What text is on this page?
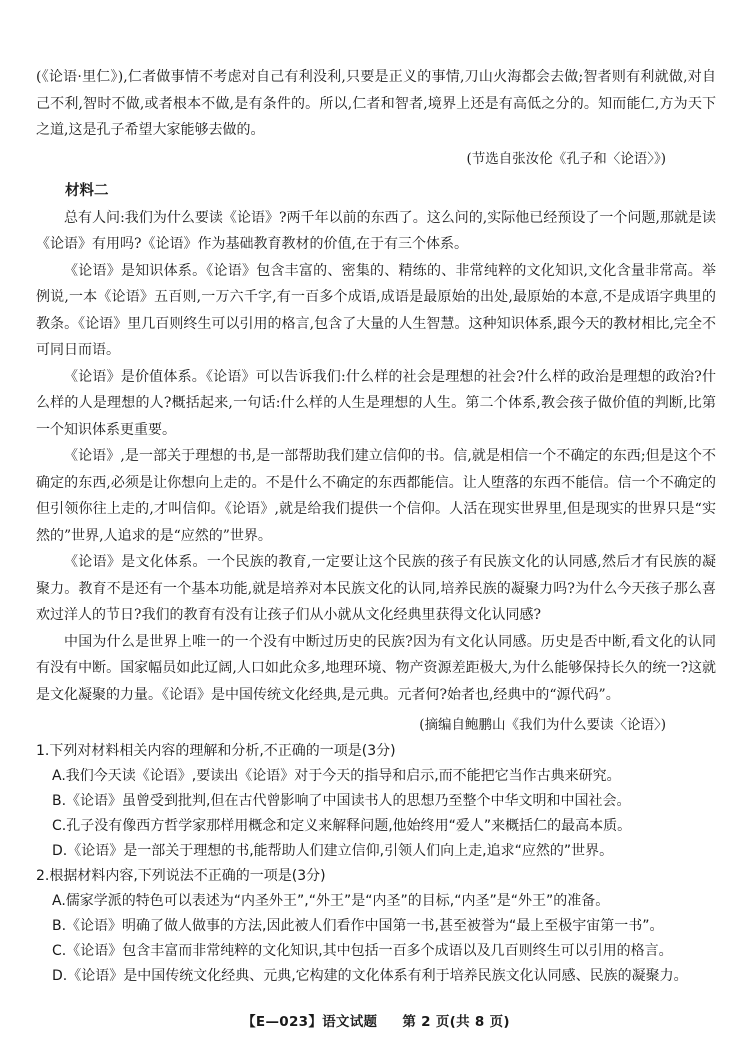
(《论语·里仁》),仁者做事情不考虑对自己有利没利,只要是正义的事情,刀山火海都会去做;智者则有利就做,对自己不利,智时不做,或者根本不做,是有条件的。所以,仁者和智者,境界上还是有高低之分的。知而能仁,方为天下之道,这是孔子希望大家能够去做的。

(节选自张汝伦《孔子和〈论语〉》)

材料二

总有人问:我们为什么要读《论语》?两千年以前的东西了。这么问的,实际他已经预设了一个问题,那就是读《论语》有用吗?《论语》作为基础教育教材的价值,在于有三个体系。

《论语》是知识体系。《论语》包含丰富的、密集的、精练的、非常纯粹的文化知识,文化含量非常高。举例说,一本《论语》五百则,一万六千字,有一百多个成语,成语是最原始的出处,最原始的本意,不是成语字典里的教条。《论语》里几百则终生可以引用的格言,包含了大量的人生智慧。这种知识体系,跟今天的教材相比,完全不可同日而语。

《论语》是价值体系。《论语》可以告诉我们:什么样的社会是理想的社会?什么样的政治是理想的政治?什么样的人是理想的人?概括起来,一句话:什么样的人生是理想的人生。第二个体系,教会孩子做价值的判断,比第一个知识体系更重要。

《论语》,是一部关于理想的书,是一部帮助我们建立信仰的书。信,就是相信一个不确定的东西;但是这个不确定的东西,必须是让你想向上走的。不是什么不确定的东西都能信。让人堕落的东西不能信。信一个不确定的但引领你往上走的,才叫信仰。《论语》,就是给我们提供一个信仰。人活在现实世界里,但是现实的世界只是“实然的”世界,人追求的是“应然的”世界。

《论语》是文化体系。一个民族的教育,一定要让这个民族的孩子有民族文化的认同感,然后才有民族的凝聚力。教育不是还有一个基本功能,就是培养对本民族文化的认同,培养民族的凝聚力吗?为什么今天孩子那么喜欢过洋人的节日?我们的教育有没有让孩子们从小就从文化经典里获得文化认同感?

中国为什么是世界上唯一的一个没有中断过历史的民族?因为有文化认同感。历史是否中断,看文化的认同有没有中断。国家幅员如此辽阔,人口如此众多,地理环境、物产资源差距极大,为什么能够保持长久的统一?这就是文化凝聚的力量。《论语》是中国传统文化经典,是元典。元者何?始者也,经典中的“源代码”。

(摘编自鲍鹏山《我们为什么要读〈论语〉)

1.下列对材料相关内容的理解和分析,不正确的一项是(3分)

A.我们今天读《论语》,要读出《论语》对于今天的指导和启示,而不能把它当作古典来研究。

B.《论语》虽曾受到批判,但在古代曾影响了中国读书人的思想乃至整个中华文明和中国社会。

C.孔子没有像西方哲学家那样用概念和定义来解释问题,他始终用“爱人”来概括仁的最高本质。

D.《论语》是一部关于理想的书,能帮助人们建立信仰,引领人们向上走,追求“应然的”世界。

2.根据材料内容,下列说法不正确的一项是(3分)

A.儒家学派的特色可以表述为“内圣外王”,“外王”是“内圣”的目标,“内圣”是“外王”的准备。

B.《论语》明确了做人做事的方法,因此被人们看作中国第一书,甚至被誉为“最上至极宇宙第一书”。

C.《论语》包含丰富而非常纯粹的文化知识,其中包括一百多个成语以及几百则终生可以引用的格言。

D.《论语》是中国传统文化经典、元典,它构建的文化体系有利于培养民族文化认同感、民族的凝聚力。

【E—023】语文试题 第 2 页(共 8 页)
